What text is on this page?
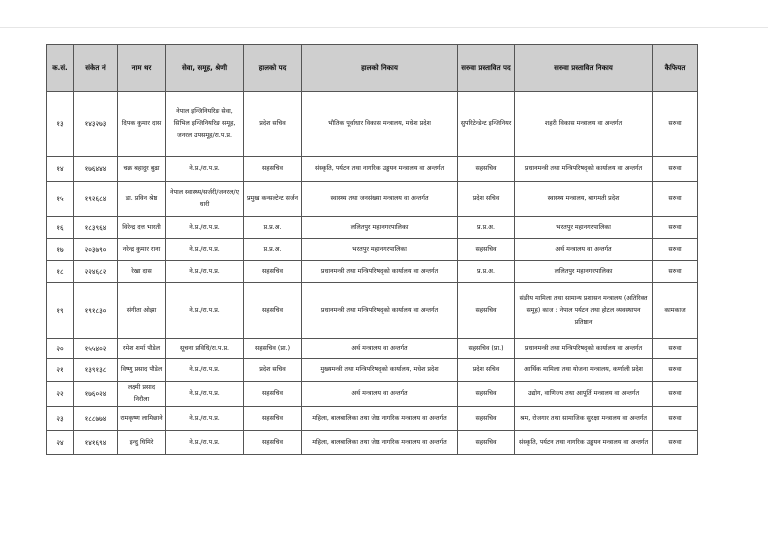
क.सं.	संकेत नं	नाम थर	सेवा, समूह, श्रेणी	हालको पद	हालको निकाय	सरुवा प्रस्तावित पद	सरुवा प्रस्तावित निकाय	कैफियत
१३	१४३२७३	दिपक कुमार दास	नेपाल इन्जिनियरिङ सेवा, सिभिल इन्जिनियरिङ समूह, जनरल उपसमूह/रा.प.प्र.	प्रदेश सचिव	भौतिक पूर्वाधार विकास मन्त्रालय, मधेश प्रदेश	सुपरिटेन्डेन्ट इन्जिनियर	शहरी विकास मन्त्रालय वा अन्तर्गत	सरुवा
१४	१७६४४४	चक्र बहादुर बुढा	ने.प्र./रा.प.प्र.	सहसचिव	संस्कृति, पर्यटन तथा नागरिक उड्डयन मन्त्रालय वा अन्तर्गत	सहसचिव	प्रधानमन्त्री तथा मन्त्रिपरिषद्को कार्यालय वा अन्तर्गत	सरुवा
१५	१९२६८४	डा. प्रविन श्रेष्ठ	नेपाल स्वास्थ्य/सर्जरी/जनरल/ए धारी	प्रमुख कन्सल्टेन्ट सर्जन	स्वास्थ्य तथा जनसंख्या मन्त्रालय वा अन्तर्गत	प्रदेश सचिव	स्वास्थ्य मन्त्रालय, बागमती प्रदेश	सरुवा
१६	१८३९६४	विरेन्द्र दत्त भारती	ने.प्र./रा.प.प्र.	प्र.प्र.अ.	ललितपुर महानगरपालिका	प्र.प्र.अ.	भरतपुर महानगरपालिका	सरुवा
१७	२०३७९०	नरेन्द्र कुमार राना	ने.प्र./रा.प.प्र.	प्र.प्र.अ.	भरतपुर महानगरपालिका	सहसचिव	अर्थ मन्त्रालय वा अन्तर्गत	सरुवा
१८	२२४६८२	रेखा दास	ने.प्र./रा.प.प्र.	सहसचिव	प्रधानमन्त्री तथा मन्त्रिपरिषद्को कार्यालय वा अन्तर्गत	प्र.प्र.अ.	ललितपुर महानगरपालिका	सरुवा
१९	१९१८३०	संगीता ओझा	ने.प्र./रा.प.प्र.	सहसचिव	प्रधानमन्त्री तथा मन्त्रिपरिषद्को कार्यालय वा अन्तर्गत	सहसचिव	संङीय मामिला तथा सामान्य प्रशासन मन्त्रालय (अतिरिक्त समूह) काज : नेपाल पर्यटन तथा होटल व्यवस्थापन प्रतिष्ठान	कामकाज
२०	१५५४०२	रमेश शर्मा पौडेल	सूचना प्रविधि/रा.प.प्र.	सहसचिव (प्रा.)	अर्थ मन्त्रालय वा अन्तर्गत	सहसचिव (प्रा.)	प्रधानमन्त्री तथा मन्त्रिपरिषद्को कार्यालय वा अन्तर्गत	सरुवा
२१	१३९१३८	विष्णु प्रसाद पौडेल	ने.प्र./रा.प.प्र.	प्रदेश सचिव	मुख्यमन्त्री तथा मन्त्रिपरिषद्को कार्यालय, मधेश प्रदेश	प्रदेश सचिव	आर्थिक मामिला तथा योजना मन्त्रालय, कर्णाली प्रदेश	सरुवा
२२	१७६०२४	लक्ष्मी प्रसाद निरौला	ने.प्र./रा.प.प्र.	सहसचिव	अर्थ मन्त्रालय वा अन्तर्गत	सहसचिव	उद्योग, वाणिज्य तथा आपूर्ति मन्त्रालय वा अन्तर्गत	सरुवा
२३	१८८७७४	रामकृष्ण लामिछाने	ने.प्र./रा.प.प्र.	सहसचिव	महिला, बालबालिका तथा जेष्ठ नागरिक मन्त्रालय वा अन्तर्गत	सहसचिव	श्रम, रोजगार तथा सामाजिक सुरक्षा मन्त्रालय वा अन्तर्गत	सरुवा
२४	१४१६९४	इन्दु घिमिरे	ने.प्र./रा.प.प्र.	सहसचिव	महिला, बालबालिका तथा जेष्ठ नागरिक मन्त्रालय वा अन्तर्गत	सहसचिव	संस्कृति, पर्यटन तथा नागरिक उड्डयन मन्त्रालय वा अन्तर्गत	सरुवा
